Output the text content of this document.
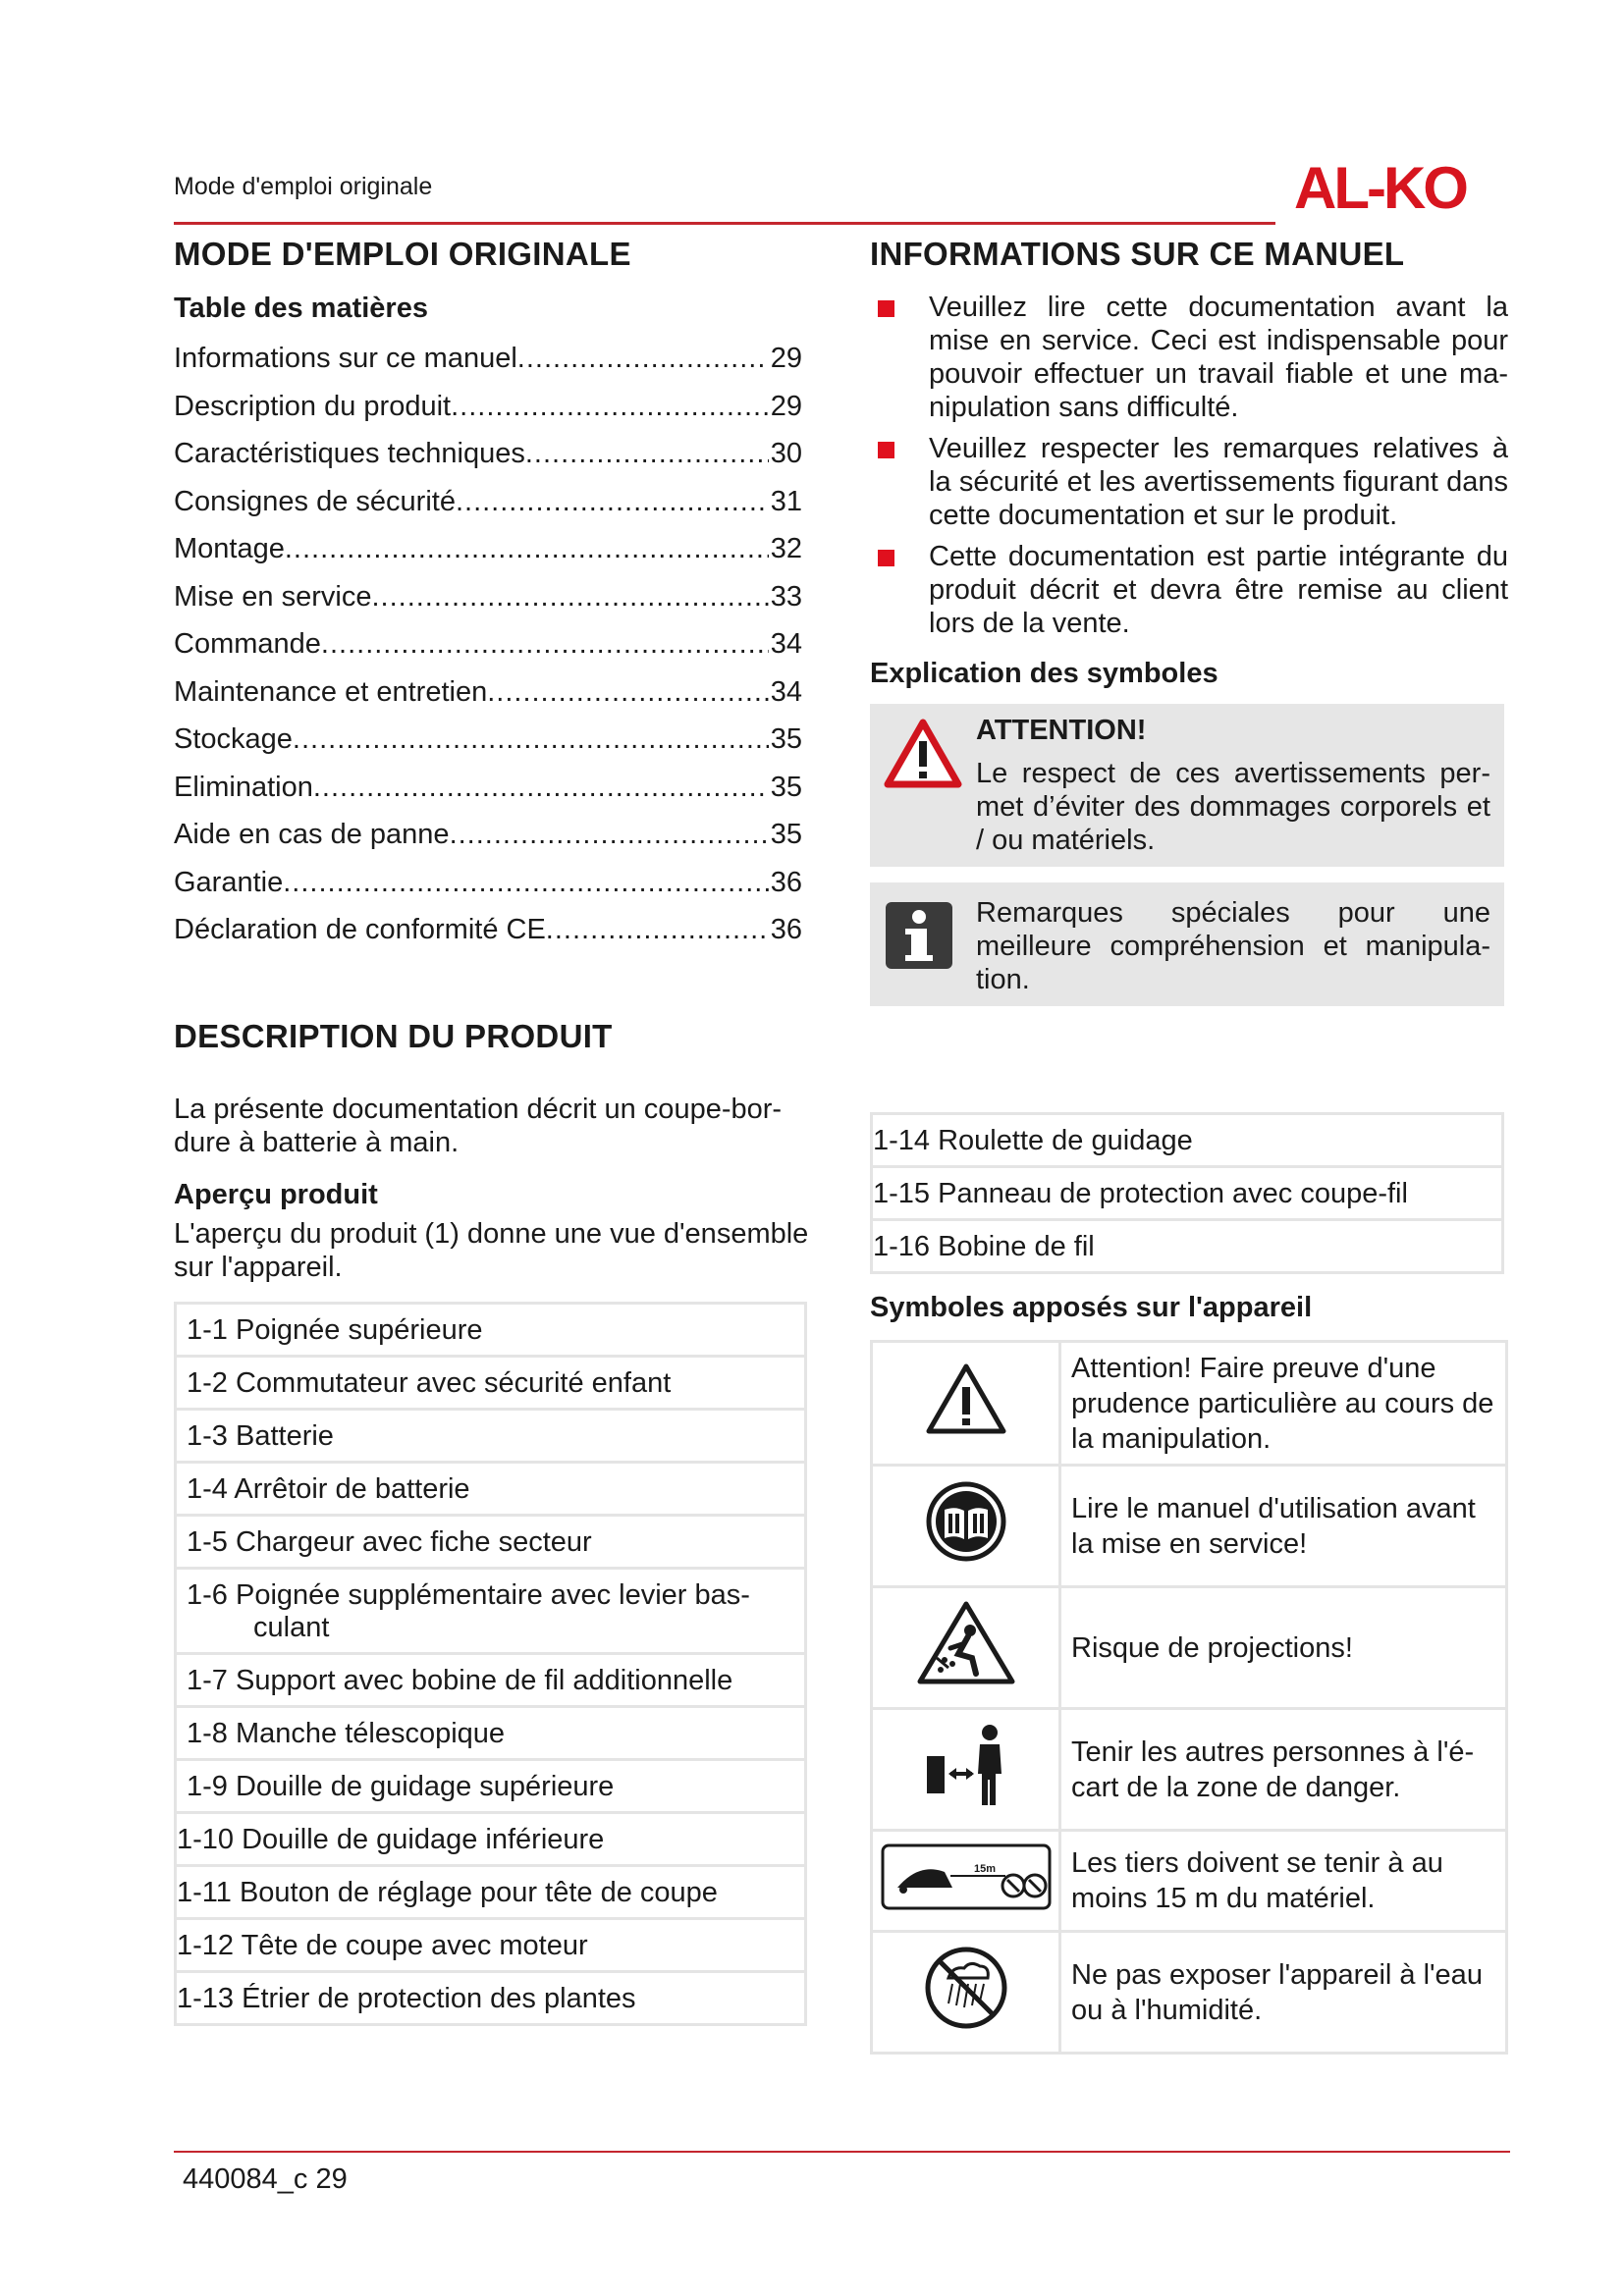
Mode d'emploi originale	AL-KO
MODE D'EMPLOI ORIGINALE
Table des matières
Informations sur ce manuel .....	29
Description du produit .....	29
Caractéristiques techniques .....	30
Consignes de sécurité .....	31
Montage .....	32
Mise en service .....	33
Commande .....	34
Maintenance et entretien .....	34
Stockage .....	35
Elimination .....	35
Aide en cas de panne .....	35
Garantie .....	36
Déclaration de conformité CE .....	36
DESCRIPTION DU PRODUIT

La présente documentation décrit un coupe-bor-dure à batterie à main.

Aperçu produit

L'aperçu du produit (1) donne une vue d'ensemble sur l'appareil.

1-1 Poignée supérieure
1-2 Commutateur avec sécurité enfant
1-3 Batterie
1-4 Arrêtoir de batterie
1-5 Chargeur avec fiche secteur
1-6 Poignée supplémentaire avec levier bas-
culant

1-7 Support avec bobine de fil additionnelle
1-8 Manche télescopique
1-9 Douille de guidage supérieure
1-10 Douille de guidage inférieure
1-11 Bouton de réglage pour tête de coupe
1-12 Tête de coupe avec moteur
1-13 Étrier de protection des plantes
INFORMATIONS SUR CE MANUEL
Veuillez lire cette documentation avant la mise en service. Ceci est indispensable pour pouvoir effectuer un travail fiable et une ma-nipulation sans difficulté.
Veuillez respecter les remarques relatives à la sécurité et les avertissements figurant dans cette documentation et sur le produit.
Cette documentation est partie intégrante du produit décrit et devra être remise au client lors de la vente.
Explication des symboles
ATTENTION!
Le respect de ces avertissements per-met d’éviter des dommages corporels et / ou matériels.
Remarques spéciales pour une meilleure compréhension et manipula-tion.
1-14 Roulette de guidage
1-15 Panneau de protection avec coupe-fil
1-16 Bobine de fil
Symboles apposés sur l'appareil
	Attention! Faire preuve d'une prudence particulière au cours de la manipulation.
	Lire le manuel d'utilisation avant la mise en service!
	Risque de projections!
	Tenir les autres personnes à l'é-cart de la zone de danger.

15m	Les tiers doivent se tenir à au moins 15 m du matériel.
	Ne pas exposer l'appareil à l'eau ou à l'humidité.
440084_c 29
